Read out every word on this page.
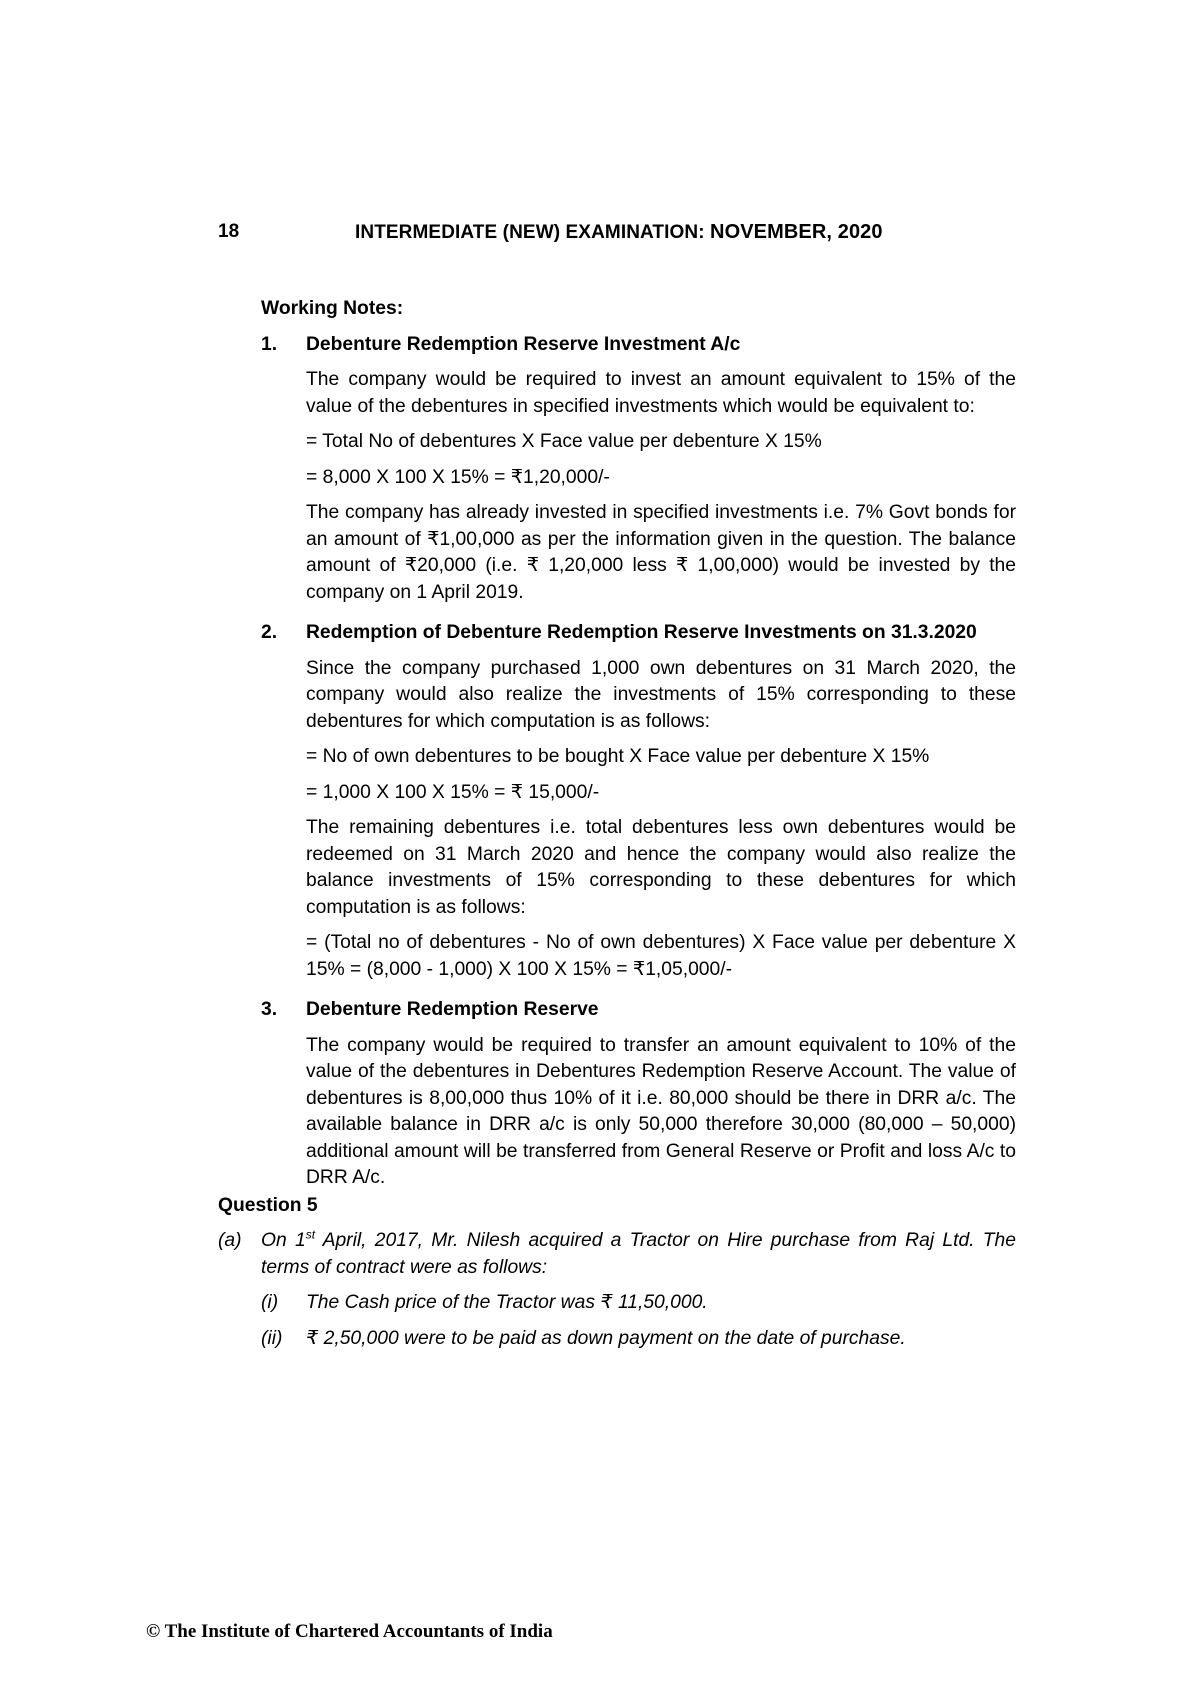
18	INTERMEDIATE (NEW) EXAMINATION: NOVEMBER, 2020
Working Notes:
1.	Debenture Redemption Reserve Investment A/c

The company would be required to invest an amount equivalent to 15% of the value of the debentures in specified investments which would be equivalent to:

= Total No of debentures X Face value per debenture X 15%

= 8,000 X 100 X 15% = ₹1,20,000/-

The company has already invested in specified investments i.e. 7% Govt bonds for an amount of ₹1,00,000 as per the information given in the question. The balance amount of ₹20,000 (i.e. ₹ 1,20,000 less ₹ 1,00,000) would be invested by the company on 1 April 2019.

2.	Redemption of Debenture Redemption Reserve Investments on 31.3.2020

Since the company purchased 1,000 own debentures on 31 March 2020, the company would also realize the investments of 15% corresponding to these debentures for which computation is as follows:

= No of own debentures to be bought X Face value per debenture X 15%

= 1,000 X 100 X 15% = ₹ 15,000/-

The remaining debentures i.e. total debentures less own debentures would be redeemed on 31 March 2020 and hence the company would also realize the balance investments of 15% corresponding to these debentures for which computation is as follows:

= (Total no of debentures - No of own debentures) X Face value per debenture X 15% = (8,000 - 1,000) X 100 X 15% = ₹1,05,000/-

3.	Debenture Redemption Reserve

The company would be required to transfer an amount equivalent to 10% of the value of the debentures in Debentures Redemption Reserve Account. The value of debentures is 8,00,000 thus 10% of it i.e. 80,000 should be there in DRR a/c. The available balance in DRR a/c is only 50,000 therefore 30,000 (80,000 – 50,000) additional amount will be transferred from General Reserve or Profit and loss A/c to DRR A/c.

Question 5
(a)	On 1st April, 2017, Mr. Nilesh acquired a Tractor on Hire purchase from Raj Ltd. The terms of contract were as follows:
(i)	The Cash price of the Tractor was ₹ 11,50,000.
(ii)	₹ 2,50,000 were to be paid as down payment on the date of purchase.
© The Institute of Chartered Accountants of India
